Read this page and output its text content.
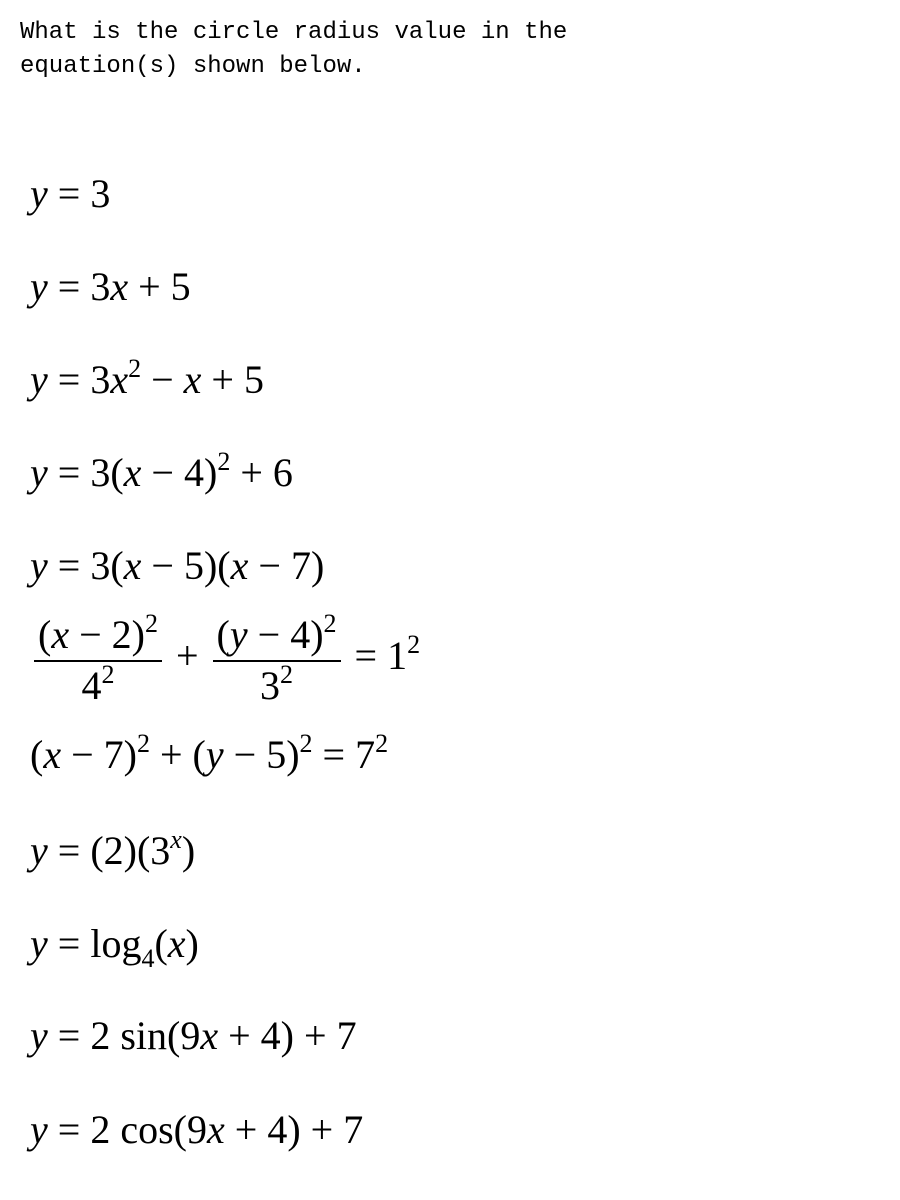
What is the circle radius value in the
equation(s) shown below.
y = 3
y = 3x + 5
$y = 3x^2 - x + 5$
$y = 3(x - 4)^2 + 6$
y = 3(x − 5)(x − 7)
$\frac{(x - 2)^2}{4^2} + \frac{(y - 4)^2}{3^2} = 1^2$
$(x - 7)^2 + (y - 5)^2 = 7^2$
$y = (2)(3^x)$
$y = \log_4(x)$
y = 2 sin(9x + 4) + 7
y = 2 cos(9x + 4) + 7
